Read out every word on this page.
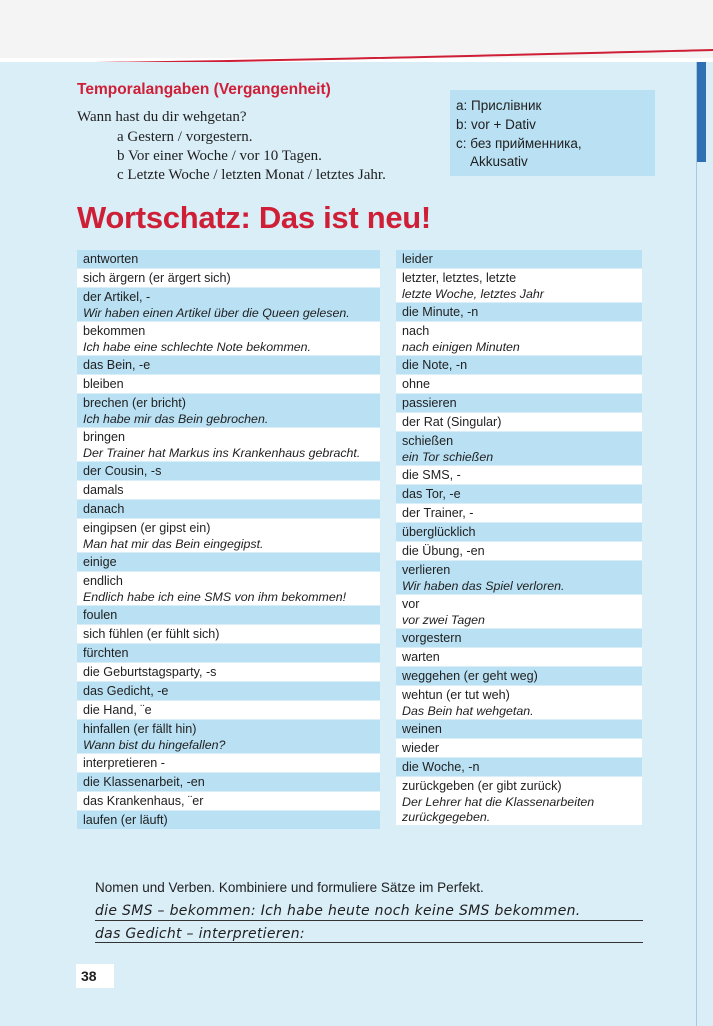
Temporalangaben (Vergangenheit)
Wann hast du dir wehgetan?
a Gestern / vorgestern.
b Vor einer Woche / vor 10 Tagen.
c Letzte Woche / letzten Monat / letztes Jahr.
a: Прислівник
b: vor + Dativ
c: без прийменника,
Akkusativ
Wortschatz: Das ist neu!
antworten
sich ärgern (er ärgert sich)
der Artikel, -
Wir haben einen Artikel über die Queen gelesen.
bekommen
Ich habe eine schlechte Note bekommen.
das Bein, -e
bleiben
brechen (er bricht)
Ich habe mir das Bein gebrochen.
bringen
Der Trainer hat Markus ins Krankenhaus gebracht.
der Cousin, -s
damals
danach
eingipsen (er gipst ein)
Man hat mir das Bein eingegipst.
einige
endlich
Endlich habe ich eine SMS von ihm bekommen!
foulen
sich fühlen (er fühlt sich)
fürchten
die Geburtstagsparty, -s
das Gedicht, -e
die Hand, ¨e
hinfallen (er fällt hin)
Wann bist du hingefallen?
interpretieren -
die Klassenarbeit, -en
das Krankenhaus, ¨er
laufen (er läuft)
leider
letzter, letztes, letzte
letzte Woche, letztes Jahr
die Minute, -n
nach
nach einigen Minuten
die Note, -n
ohne
passieren
der Rat (Singular)
schießen
ein Tor schießen
die SMS, -
das Tor, -e
der Trainer, -
überglücklich
die Übung, -en
verlieren
Wir haben das Spiel verloren.
vor
vor zwei Tagen
vorgestern
warten
weggehen (er geht weg)
wehtun (er tut weh)
Das Bein hat wehgetan.
weinen
wieder
die Woche, -n
zurückgeben (er gibt zurück)
Der Lehrer hat die Klassenarbeiten
zurückgegeben.
Nomen und Verben. Kombiniere und formuliere Sätze im Perfekt.
die SMS – bekommen: Ich habe heute noch keine SMS bekommen.
das Gedicht – interpretieren:
38
